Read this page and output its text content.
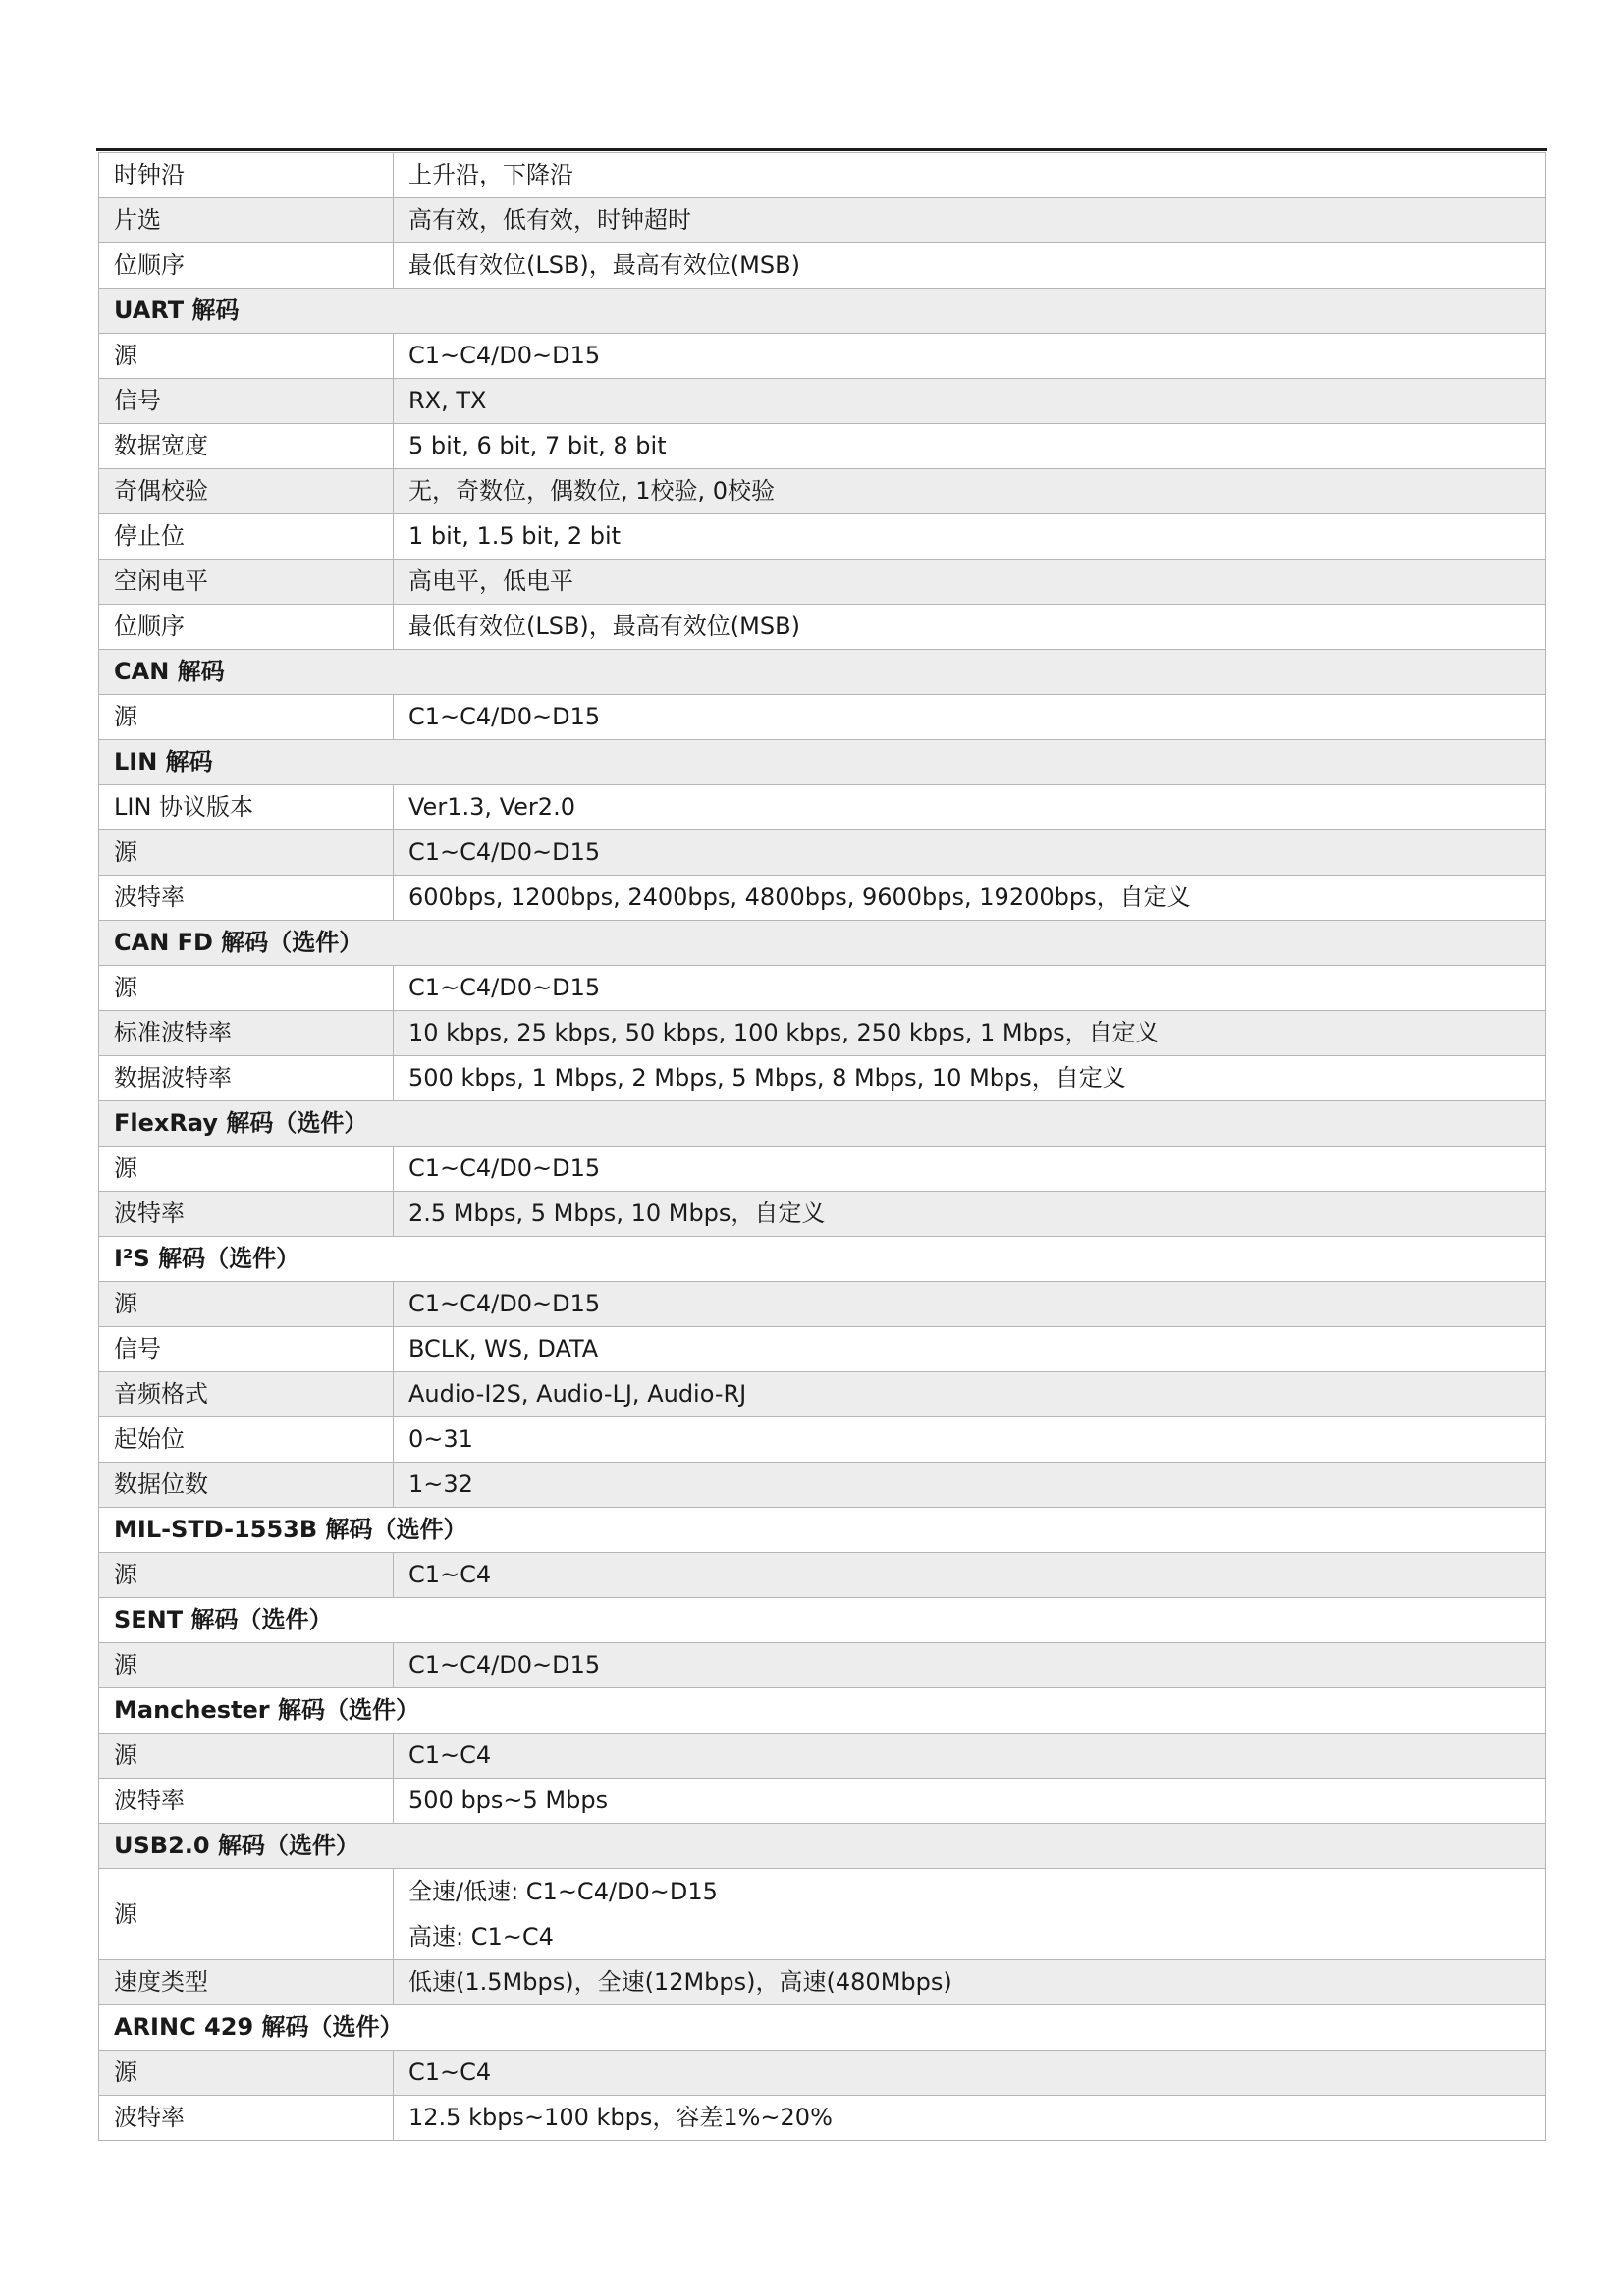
时钟沿	上升沿，下降沿
片选	高有效，低有效，时钟超时
位顺序	最低有效位(LSB)，最高有效位(MSB)
UART 解码	
源	C1~C4/D0~D15
信号	RX, TX
数据宽度	5 bit, 6 bit, 7 bit, 8 bit
奇偶校验	无，奇数位，偶数位, 1校验, 0校验
停止位	1 bit, 1.5 bit, 2 bit
空闲电平	高电平，低电平
位顺序	最低有效位(LSB)，最高有效位(MSB)
CAN 解码	
源	C1~C4/D0~D15
LIN 解码	
LIN 协议版本	Ver1.3, Ver2.0
源	C1~C4/D0~D15
波特率	600bps, 1200bps, 2400bps, 4800bps, 9600bps, 19200bps，自定义
CAN FD 解码（选件）	
源	C1~C4/D0~D15
标准波特率	10 kbps, 25 kbps, 50 kbps, 100 kbps, 250 kbps, 1 Mbps，自定义
数据波特率	500 kbps, 1 Mbps, 2 Mbps, 5 Mbps, 8 Mbps, 10 Mbps，自定义
FlexRay 解码（选件）	
源	C1~C4/D0~D15
波特率	2.5 Mbps, 5 Mbps, 10 Mbps，自定义
I²S 解码（选件）	
源	C1~C4/D0~D15
信号	BCLK, WS, DATA
音频格式	Audio-I2S, Audio-LJ, Audio-RJ
起始位	0~31
数据位数	1~32
MIL-STD-1553B 解码（选件）	
源	C1~C4
SENT 解码（选件）	
源	C1~C4/D0~D15
Manchester 解码（选件）	
源	C1~C4
波特率	500 bps~5 Mbps
USB2.0 解码（选件）	
源	全速/低速: C1~C4/D0~D15
高速: C1~C4

速度类型	低速(1.5Mbps)，全速(12Mbps)，高速(480Mbps)
ARINC 429 解码（选件）	
源	C1~C4
波特率	12.5 kbps~100 kbps，容差1%~20%
